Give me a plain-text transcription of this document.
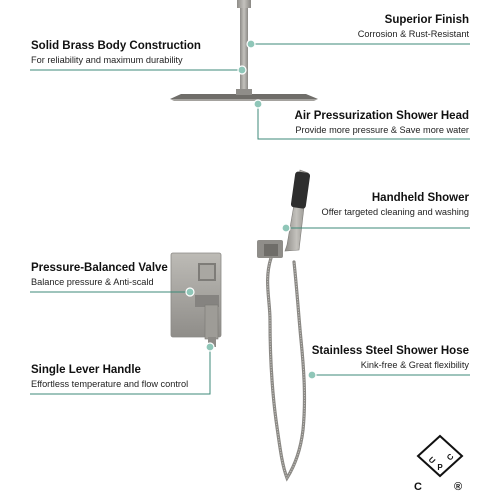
Superior Finish
Corrosion & Rust-Resistant
Solid Brass Body Construction
For reliability and maximum durability
Air Pressurization Shower Head
Provide more pressure & Save more water
Handheld Shower
Offer targeted cleaning and washing
Pressure-Balanced Valve
Balance pressure & Anti-scald
Stainless Steel Shower Hose
Kink-free & Great flexibility
Single Lever Handle
Effortless temperature and flow control
U
P
C
C	®
